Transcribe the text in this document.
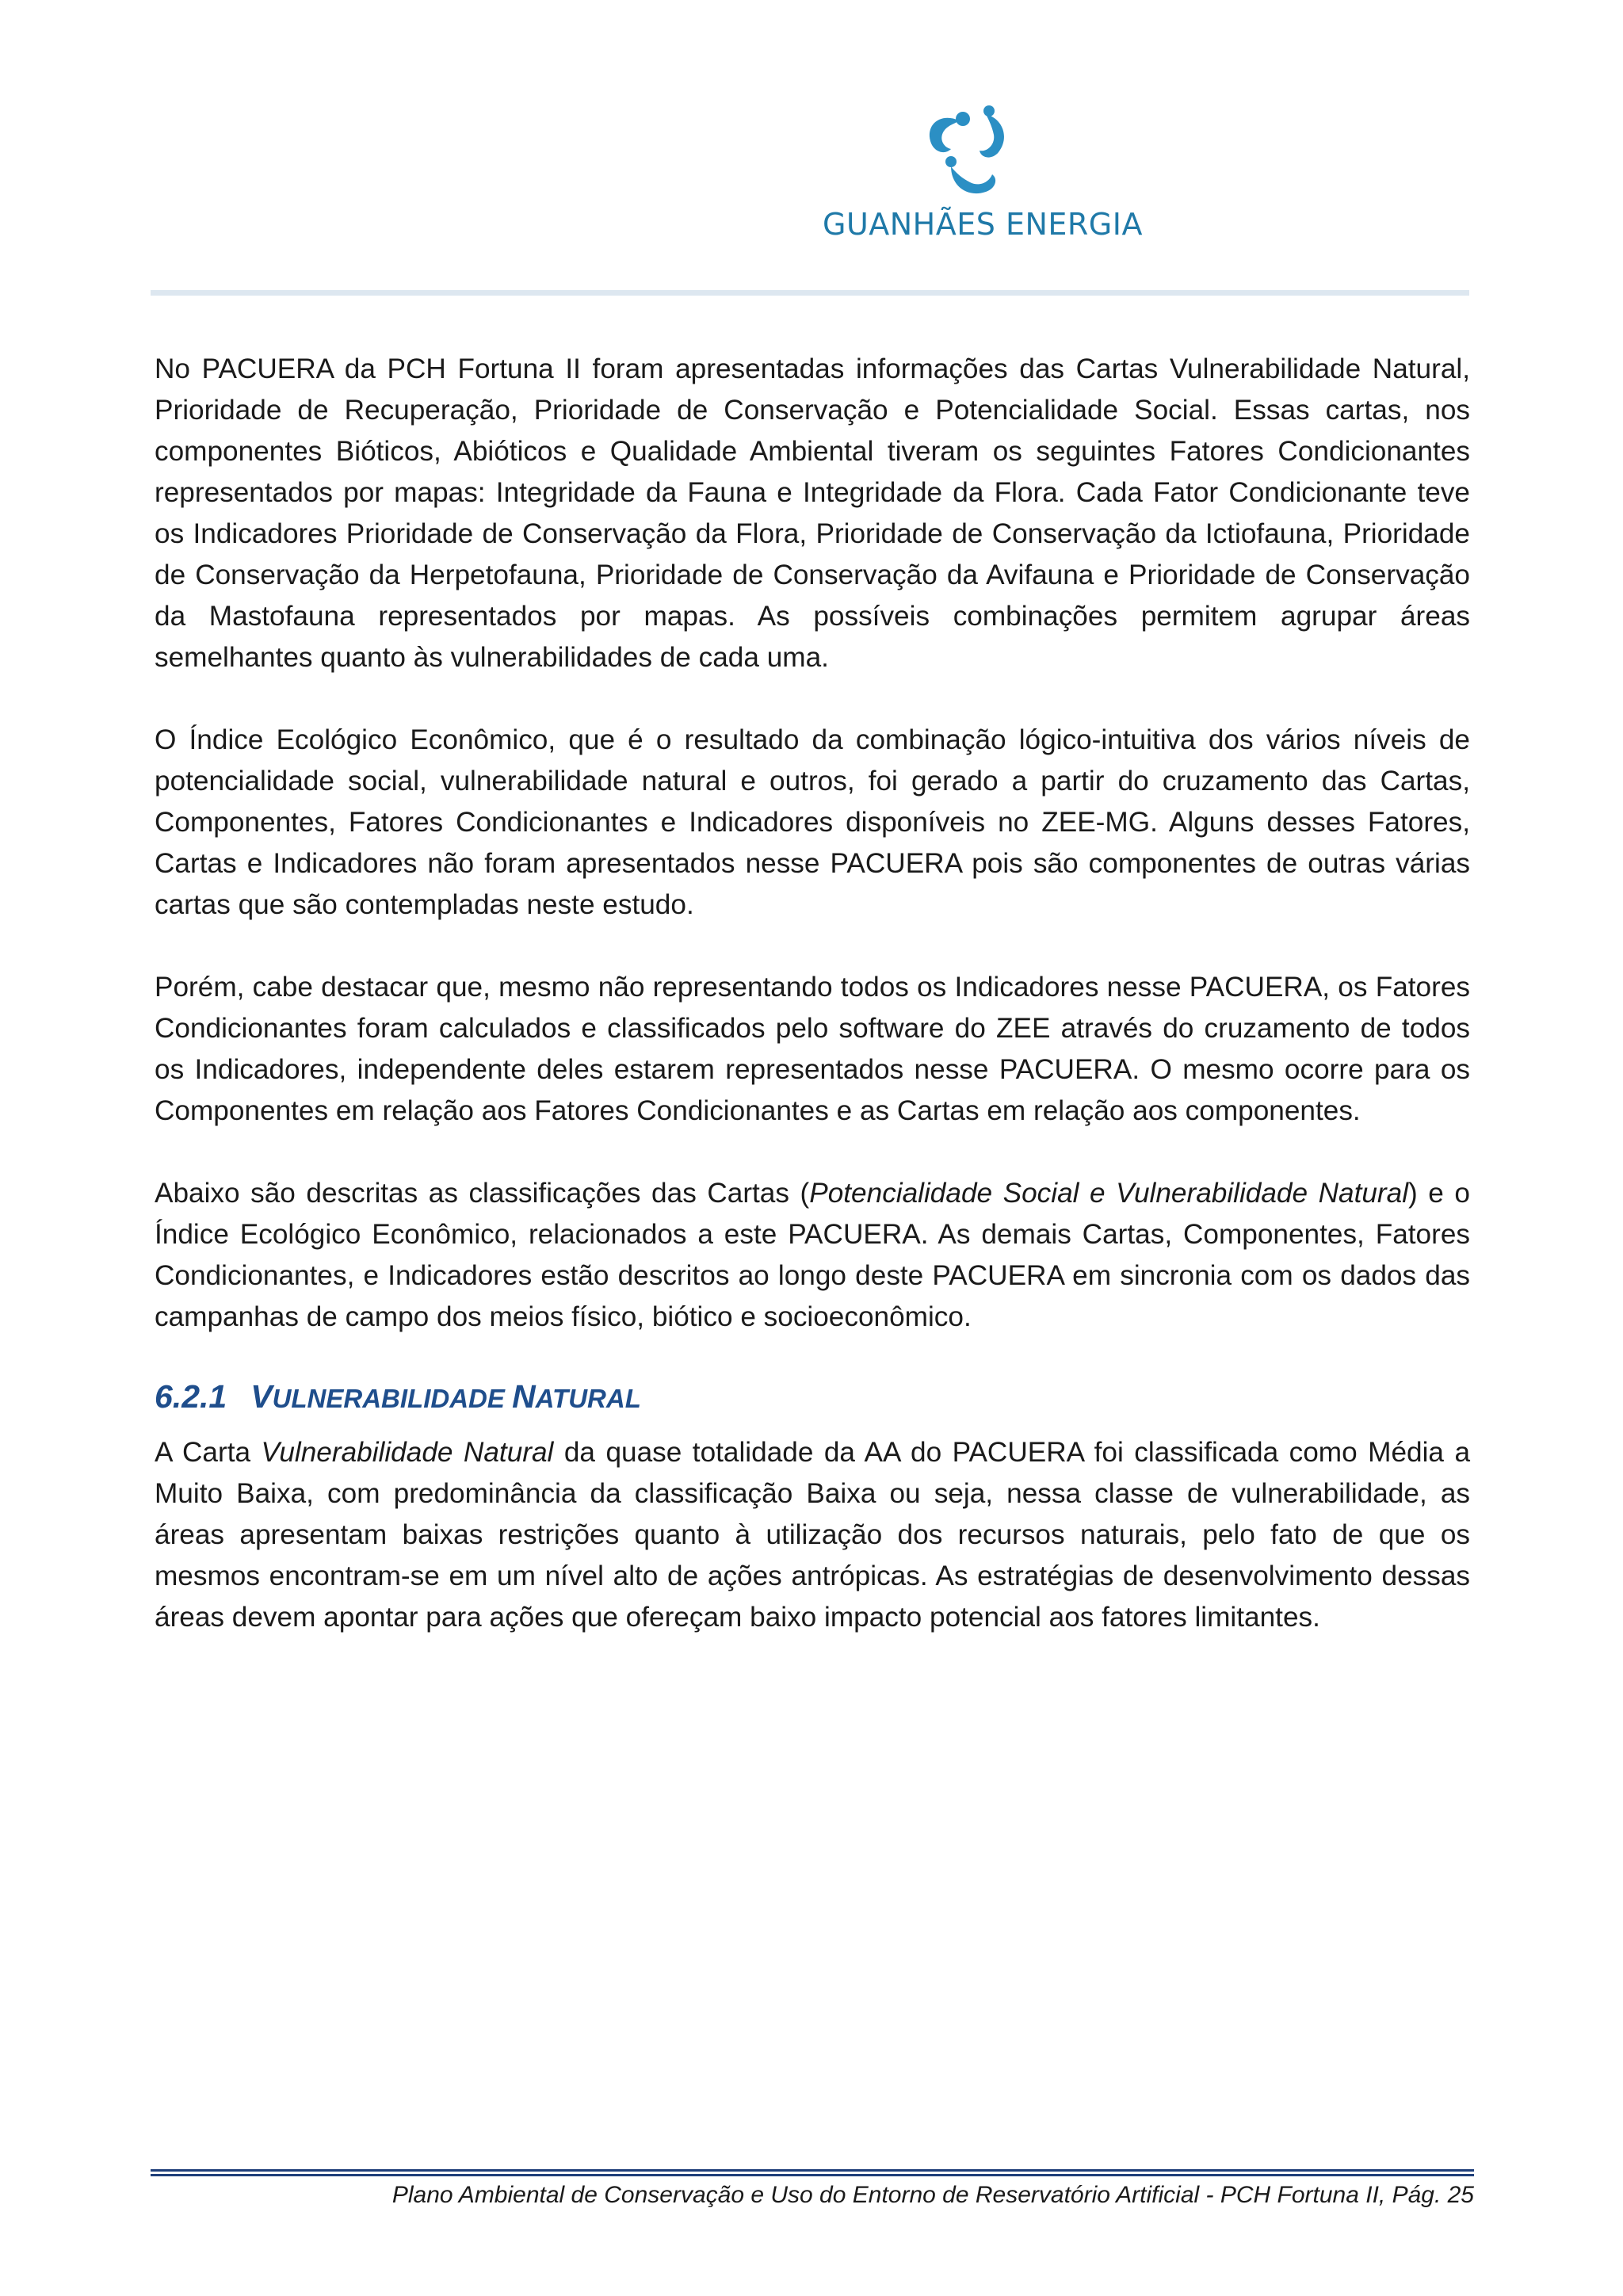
GUANHÃES ENERGIA

No PACUERA da PCH Fortuna II foram apresentadas informações das Cartas Vulnerabilidade Natural, Prioridade de Recuperação, Prioridade de Conservação e Potencialidade Social. Essas cartas, nos componentes Bióticos, Abióticos e Qualidade Ambiental tiveram os seguintes Fatores Condicionantes representados por mapas: Integridade da Fauna e Integridade da Flora. Cada Fator Condicionante teve os Indicadores Prioridade de Conservação da Flora, Prioridade de Conservação da Ictiofauna, Prioridade de Conservação da Herpetofauna, Prioridade de Conservação da Avifauna e Prioridade de Conservação da Mastofauna representados por mapas. As possíveis combinações permitem agrupar áreas semelhantes quanto às vulnerabilidades de cada uma.

O Índice Ecológico Econômico, que é o resultado da combinação lógico-intuitiva dos vários níveis de potencialidade social, vulnerabilidade natural e outros, foi gerado a partir do cruzamento das Cartas, Componentes, Fatores Condicionantes e Indicadores disponíveis no ZEE-MG. Alguns desses Fatores, Cartas e Indicadores não foram apresentados nesse PACUERA pois são componentes de outras várias cartas que são contempladas neste estudo.

Porém, cabe destacar que, mesmo não representando todos os Indicadores nesse PACUERA, os Fatores Condicionantes foram calculados e classificados pelo software do ZEE através do cruzamento de todos os Indicadores, independente deles estarem representados nesse PACUERA. O mesmo ocorre para os Componentes em relação aos Fatores Condicionantes e as Cartas em relação aos componentes.

Abaixo são descritas as classificações das Cartas (Potencialidade Social e Vulnerabilidade Natural) e o Índice Ecológico Econômico, relacionados a este PACUERA. As demais Cartas, Componentes, Fatores Condicionantes, e Indicadores estão descritos ao longo deste PACUERA em sincronia com os dados das campanhas de campo dos meios físico, biótico e socioeconômico.

6.2.1 VULNERABILIDADE NATURAL

A Carta Vulnerabilidade Natural da quase totalidade da AA do PACUERA foi classificada como Média a Muito Baixa, com predominância da classificação Baixa ou seja, nessa classe de vulnerabilidade, as áreas apresentam baixas restrições quanto à utilização dos recursos naturais, pelo fato de que os mesmos encontram-se em um nível alto de ações antrópicas. As estratégias de desenvolvimento dessas áreas devem apontar para ações que ofereçam baixo impacto potencial aos fatores limitantes.

Plano Ambiental de Conservação e Uso do Entorno de Reservatório Artificial - PCH Fortuna II, Pág. 25
